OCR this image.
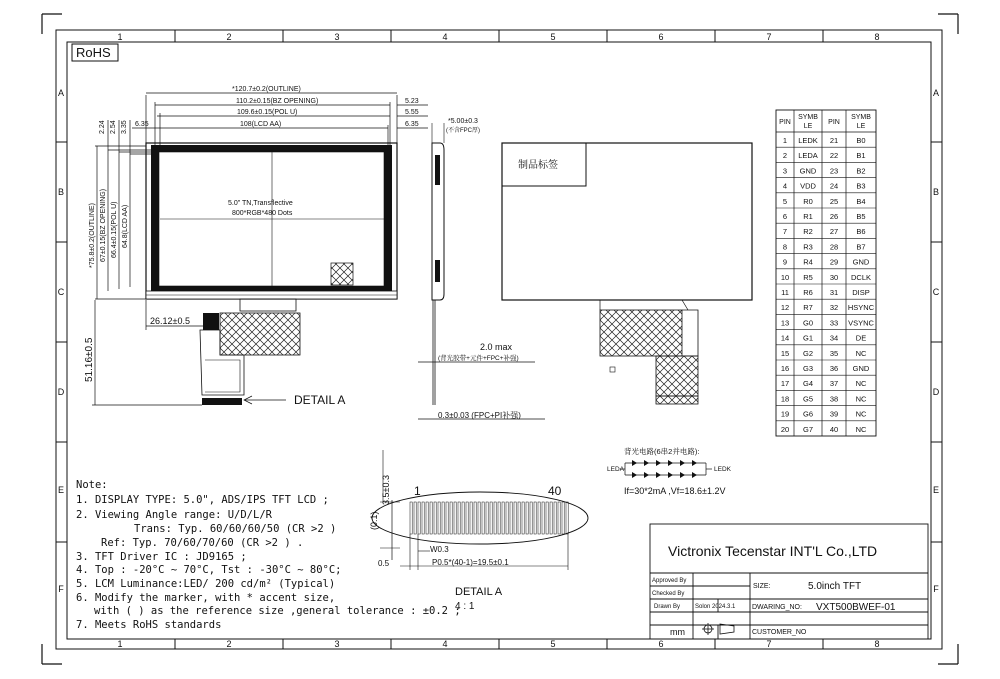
1	2	3	4	5	6	7	8
1	2	3	4	5	6	7	8
A
B
C
D
E
F
A
B
C
D
E
F
RoHS
*120.7±0.2(OUTLINE)
110.2±0.15(BZ OPENING)
109.6±0.15(POL U)
108(LCD AA)
6.35
5.23
5.55
6.35
2.24 2.54 3.35
*75.8±0.2(OUTLINE) 67±0.15(BZ OPENING) 66.4±0.15(POL U) 64.8(LCD AA)
5.0" TN,Transflective
800*RGB*480 Dots
26.12±0.5
51.16±0.5
DETAIL A
*5.00±0.3
(不含FPC厚)
2.0 max
(背光胶带+元件+FPC+补强)
0.3±0.03 (FPC+PI补强)
制品标签
背光电路(6串2并电路):
LEDA	LEDK
If=30*2mA ,Vf=18.6±1.2V
3.5±0.3
(0.1)
1	40
W0.3
0.5	P0.5*(40-1)=19.5±0.1
DETAIL A
4 : 1
PIN
SYMB LE
PIN
SYMB LE
1 LEDK 21 B0
2 LEDA 22 B1
3 GND 23 B2
4 VDD 24 B3
5 R0 25 B4
6 R1 26 B5
7 R2 27 B6
8 R3 28 B7
9 R4 29 GND
10 R5 30 DCLK
11 R6 31 DISP
12 R7 32 HSYNC
13 G0 33 VSYNC
14 G1 34 DE
15 G2 35 NC
16 G3 36 GND
17 G4 37 NC
18 G5 38 NC
19 G6 39 NC
20 G7 40 NC
Note:
1. DISPLAY TYPE: 5.0", ADS/IPS TFT LCD ;
2. Viewing Angle range: U/D/L/R
Trans: Typ. 60/60/60/50 (CR >2 )
Ref: Typ. 70/60/70/60 (CR >2 ) .
3. TFT Driver IC : JD9165 ;
4. Top : -20°C ~ 70°C, Tst : -30°C ~ 80°C;
5. LCM Luminance:LED/ 200 cd/m² (Typical)
6. Modify the marker, with * accent size,
with ( ) as the reference size ,general tolerance : ±0.2 ;
7. Meets RoHS standards
Victronix Tecenstar INT'L Co.,LTD
Approved By
Checked By
Drawn By Solon 2024.3.1
mm
SIZE:	5.0inch TFT
DWARING_NO: VXT500BWEF-01
CUSTOMER_NO
